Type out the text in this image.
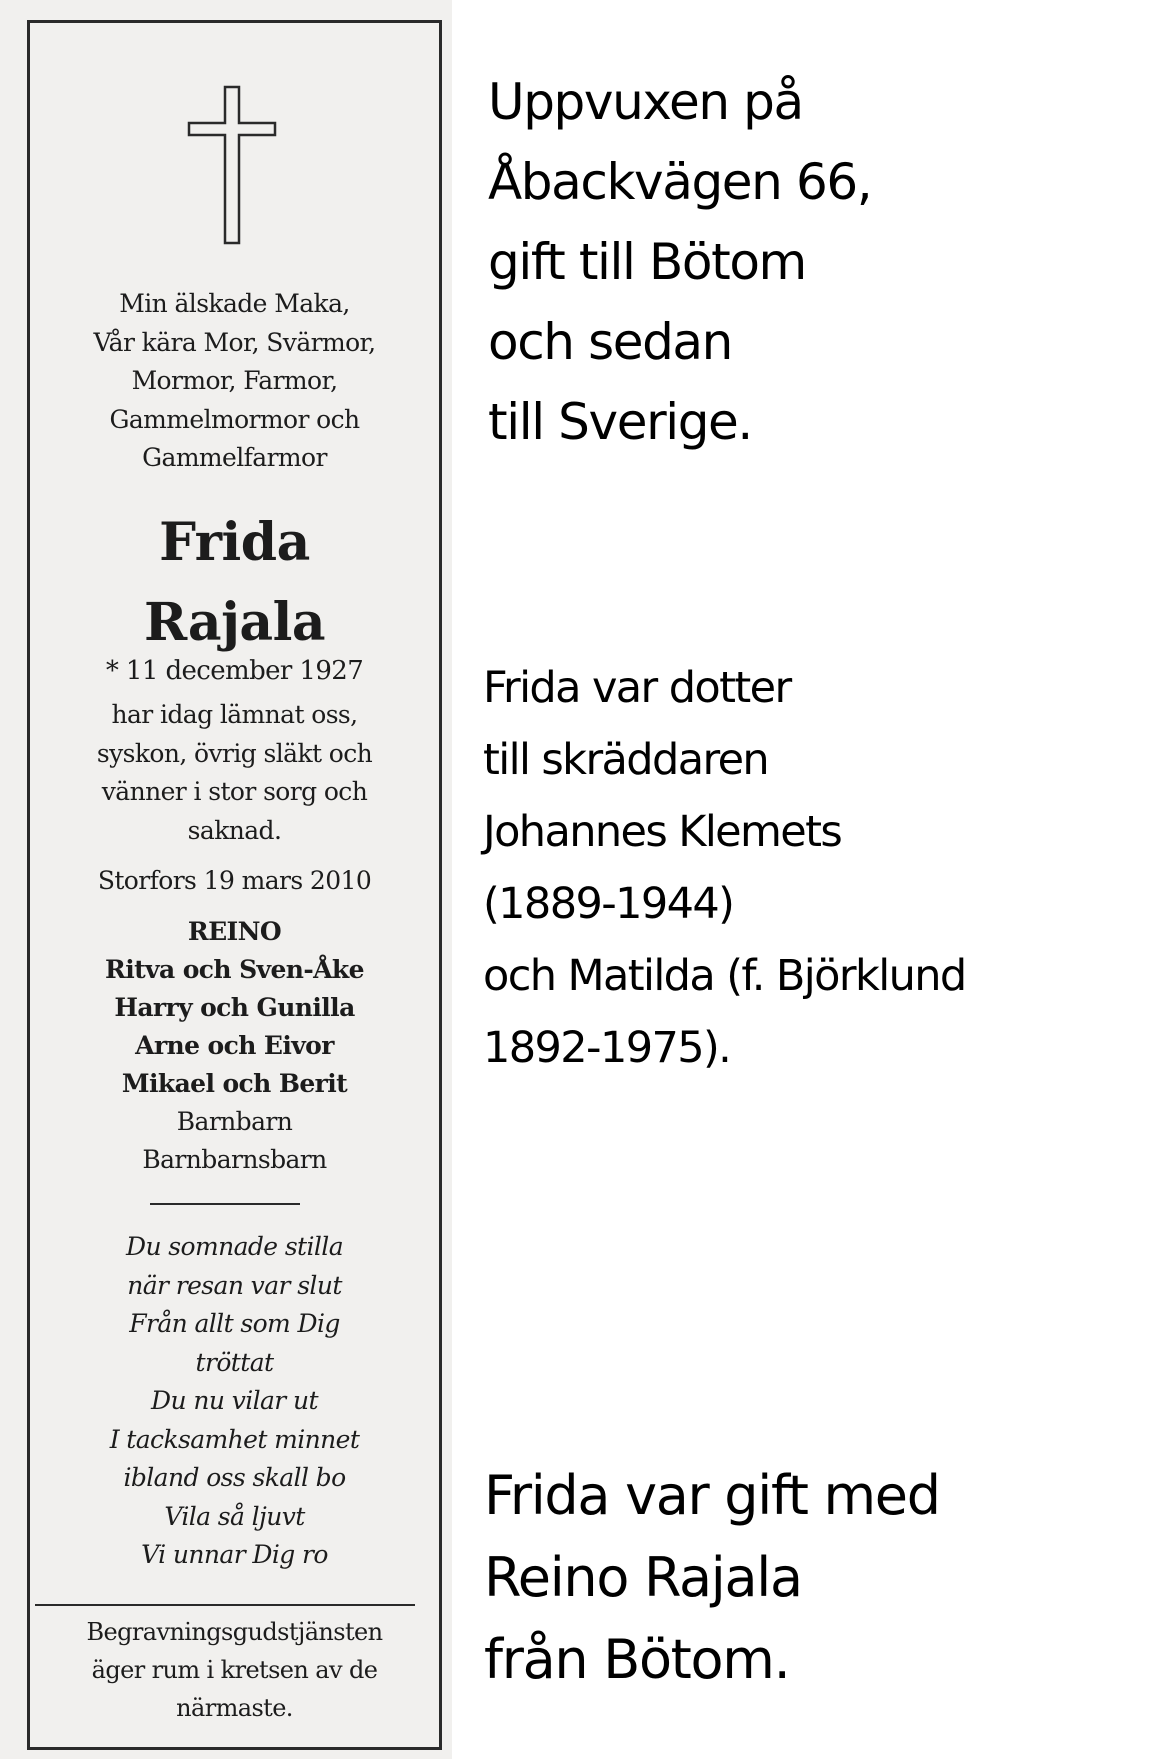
Min älskade Maka,
Vår kära Mor, Svärmor,
Mormor, Farmor,
Gammelmormor och
Gammelfarmor
Frida
Rajala
* 11 december 1927
har idag lämnat oss,
syskon, övrig släkt och
vänner i stor sorg och
saknad.
Storfors 19 mars 2010
REINO
Ritva och Sven-Åke
Harry och Gunilla
Arne och Eivor
Mikael och Berit
Barnbarn
Barnbarnsbarn
Du somnade stilla
när resan var slut
Från allt som Dig
tröttat
Du nu vilar ut
I tacksamhet minnet
ibland oss skall bo
Vila så ljuvt
Vi unnar Dig ro
Begravningsgudstjänsten
äger rum i kretsen av de
närmaste.
Uppvuxen på
Åbackvägen 66,
gift till Bötom
och sedan
till Sverige.
Frida var dotter
till skräddaren
Johannes Klemets
(1889-1944)
och Matilda (f. Björklund
1892-1975).
Frida var gift med
Reino Rajala
från Bötom.
